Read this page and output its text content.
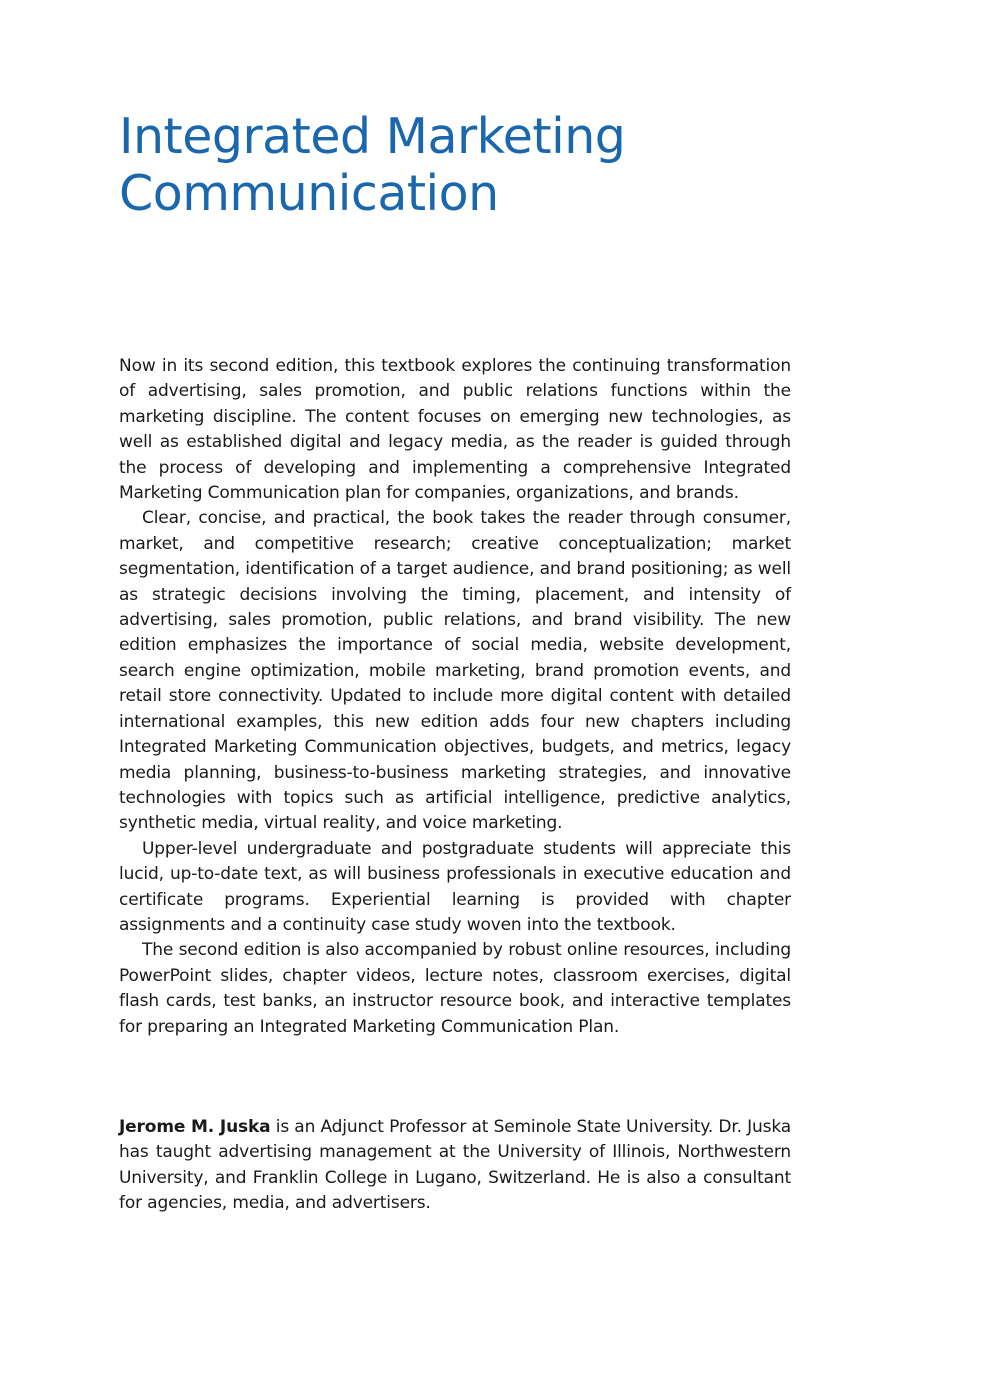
Integrated Marketing
Communication

Now in its second edition, this textbook explores the continuing transformation of advertising, sales promotion, and public relations functions within the marketing discipline. The content focuses on emerging new technologies, as well as established digital and legacy media, as the reader is guided through the process of developing and implementing a comprehensive Integrated Marketing Communication plan for companies, organizations, and brands.

Clear, concise, and practical, the book takes the reader through consumer, market, and competitive research; creative conceptualization; market segmentation, identification of a target audience, and brand positioning; as well as strategic decisions involving the timing, placement, and intensity of advertising, sales promotion, public relations, and brand visibility. The new edition emphasizes the importance of social media, website development, search engine optimization, mobile marketing, brand promotion events, and retail store connectivity. Updated to include more digital content with detailed international examples, this new edition adds four new chapters including Integrated Marketing Communication objectives, budgets, and metrics, legacy media planning, business-to-business marketing strategies, and innovative technologies with topics such as artificial intelligence, predictive analytics, synthetic media, virtual reality, and voice marketing.

Upper-level undergraduate and postgraduate students will appreciate this lucid, up-to-date text, as will business professionals in executive education and certificate programs. Experiential learning is provided with chapter assignments and a continuity case study woven into the textbook.

The second edition is also accompanied by robust online resources, including PowerPoint slides, chapter videos, lecture notes, classroom exercises, digital flash cards, test banks, an instructor resource book, and interactive templates for preparing an Integrated Marketing Communication Plan.

Jerome M. Juska is an Adjunct Professor at Seminole State University. Dr. Juska has taught advertising management at the University of Illinois, Northwestern University, and Franklin College in Lugano, Switzerland. He is also a consultant for agencies, media, and advertisers.
